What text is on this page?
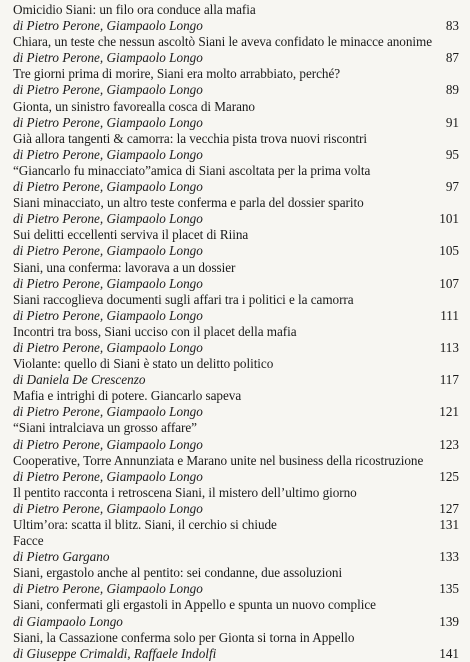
Omicidio Siani: un filo ora conduce alla mafia
di Pietro Perone, Giampaolo Longo	83
Chiara, un teste che nessun ascoltò Siani le aveva confidato le minacce anonime
di Pietro Perone, Giampaolo Longo	87
Tre giorni prima di morire, Siani era molto arrabbiato, perché?
di Pietro Perone, Giampaolo Longo	89
Gionta, un sinistro favorealla cosca di Marano
di Pietro Perone, Giampaolo Longo	91
Già allora tangenti & camorra: la vecchia pista trova nuovi riscontri
di Pietro Perone, Giampaolo Longo	95
“Giancarlo fu minacciato”amica di Siani ascoltata per la prima volta
di Pietro Perone, Giampaolo Longo	97
Siani minacciato, un altro teste conferma e parla del dossier sparito
di Pietro Perone, Giampaolo Longo	101
Sui delitti eccellenti serviva il placet di Riina
di Pietro Perone, Giampaolo Longo	105
Siani, una conferma: lavorava a un dossier
di Pietro Perone, Giampaolo Longo	107
Siani raccoglieva documenti sugli affari tra i politici e la camorra
di Pietro Perone, Giampaolo Longo	111
Incontri tra boss, Siani ucciso con il placet della mafia
di Pietro Perone, Giampaolo Longo	113
Violante: quello di Siani è stato un delitto politico
di Daniela De Crescenzo	117
Mafia e intrighi di potere. Giancarlo sapeva
di Pietro Perone, Giampaolo Longo	121
“Siani intralciava un grosso affare”
di Pietro Perone, Giampaolo Longo	123
Cooperative, Torre Annunziata e Marano unite nel business della ricostruzione
di Pietro Perone, Giampaolo Longo	125
Il pentito racconta i retroscena Siani, il mistero dell’ultimo giorno
di Pietro Perone, Giampaolo Longo	127
Ultim’ora: scatta il blitz. Siani, il cerchio si chiude	131
Facce
di Pietro Gargano	133
Siani, ergastolo anche al pentito: sei condanne, due assoluzioni
di Pietro Perone, Giampaolo Longo	135
Siani, confermati gli ergastoli in Appello e spunta un nuovo complice
di Giampaolo Longo	139
Siani, la Cassazione conferma solo per Gionta si torna in Appello
di Giuseppe Crimaldi, Raffaele Indolfi	141
